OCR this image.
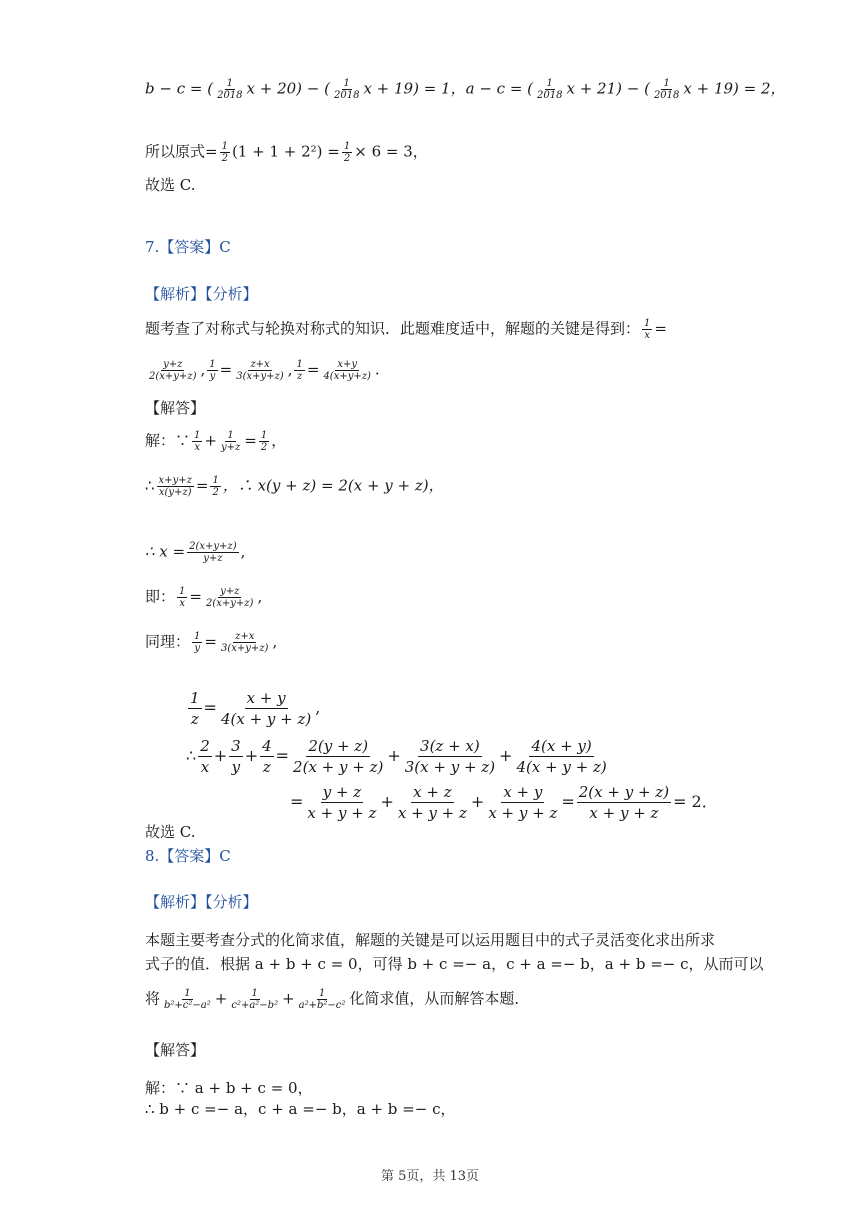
b − c = ( $\frac{1}{2018}$ x + 20) − ( $\frac{1}{2018}$ x + 19) = 1，a − c = ( $\frac{1}{2018}$ x + 21) − ( $\frac{1}{2018}$ x + 19) = 2，
所以原式= $\frac{1}{2} (1 + 1 + 2^2) = \frac{1}{2} \times 6 = 3$，
故选 C.
7.【答案】C
【解析】【分析】
题考查了对称式与轮换对称式的知识．此题难度适中，解题的关键是得到： $\frac{1}{x}$ =
$\frac{y+z}{2(x+y+z)}$ , $\frac{1}{y} = \frac{z+x}{3(x+y+z)}$ , $\frac{1}{z} = \frac{x+y}{4(x+y+z)}$ .
【解答】
解：∵ $\frac{1}{x} + \frac{1}{y+z} = \frac{1}{2}$ ，
∴ $\frac{x+y+z}{x(y+z)} = \frac{1}{2}$ ，∴ x(y + z) = 2(x + y + z)，
∴ $x = \frac{2(x+y+z)}{y+z}$ ,
即： $\frac{1}{x} = \frac{y+z}{2(x+y+z)}$ ,
同理： $\frac{1}{y} = \frac{z+x}{3(x+y+z)}$ ,
$\frac{1}{z} = \frac{x + y}{4(x + y + z)}$ ,
∴ $\frac{2}{x} + \frac{3}{y} + \frac{4}{z} = \frac{2(y + z)}{2(x + y + z)} + \frac{3(z + x)}{3(x + y + z)} + \frac{4(x + y)}{4(x + y + z)}$
= $\frac{y + z}{x + y + z} + \frac{x + z}{x + y + z} + \frac{x + y}{x + y + z} = \frac{2(x + y + z)}{x + y + z} = 2$．
故选 C.
8.【答案】C
【解析】【分析】
本题主要考查分式的化简求值，解题的关键是可以运用题目中的式子灵活变化求出所求
式子的值．根据 a + b + c = 0，可得 b + c =− a，c + a =− b，a + b =− c，从而可以
将 $\frac{1}{\text{b²+c²−a²}} + \frac{1}{\text{c²+a²−b²}} + \frac{1}{\text{a²+b²−c²}}$ 化简求值，从而解答本题．
【解答】
解：∵ a + b + c = 0，
∴ b + c =− a，c + a =− b，a + b =− c，
第 5页，共 13页
